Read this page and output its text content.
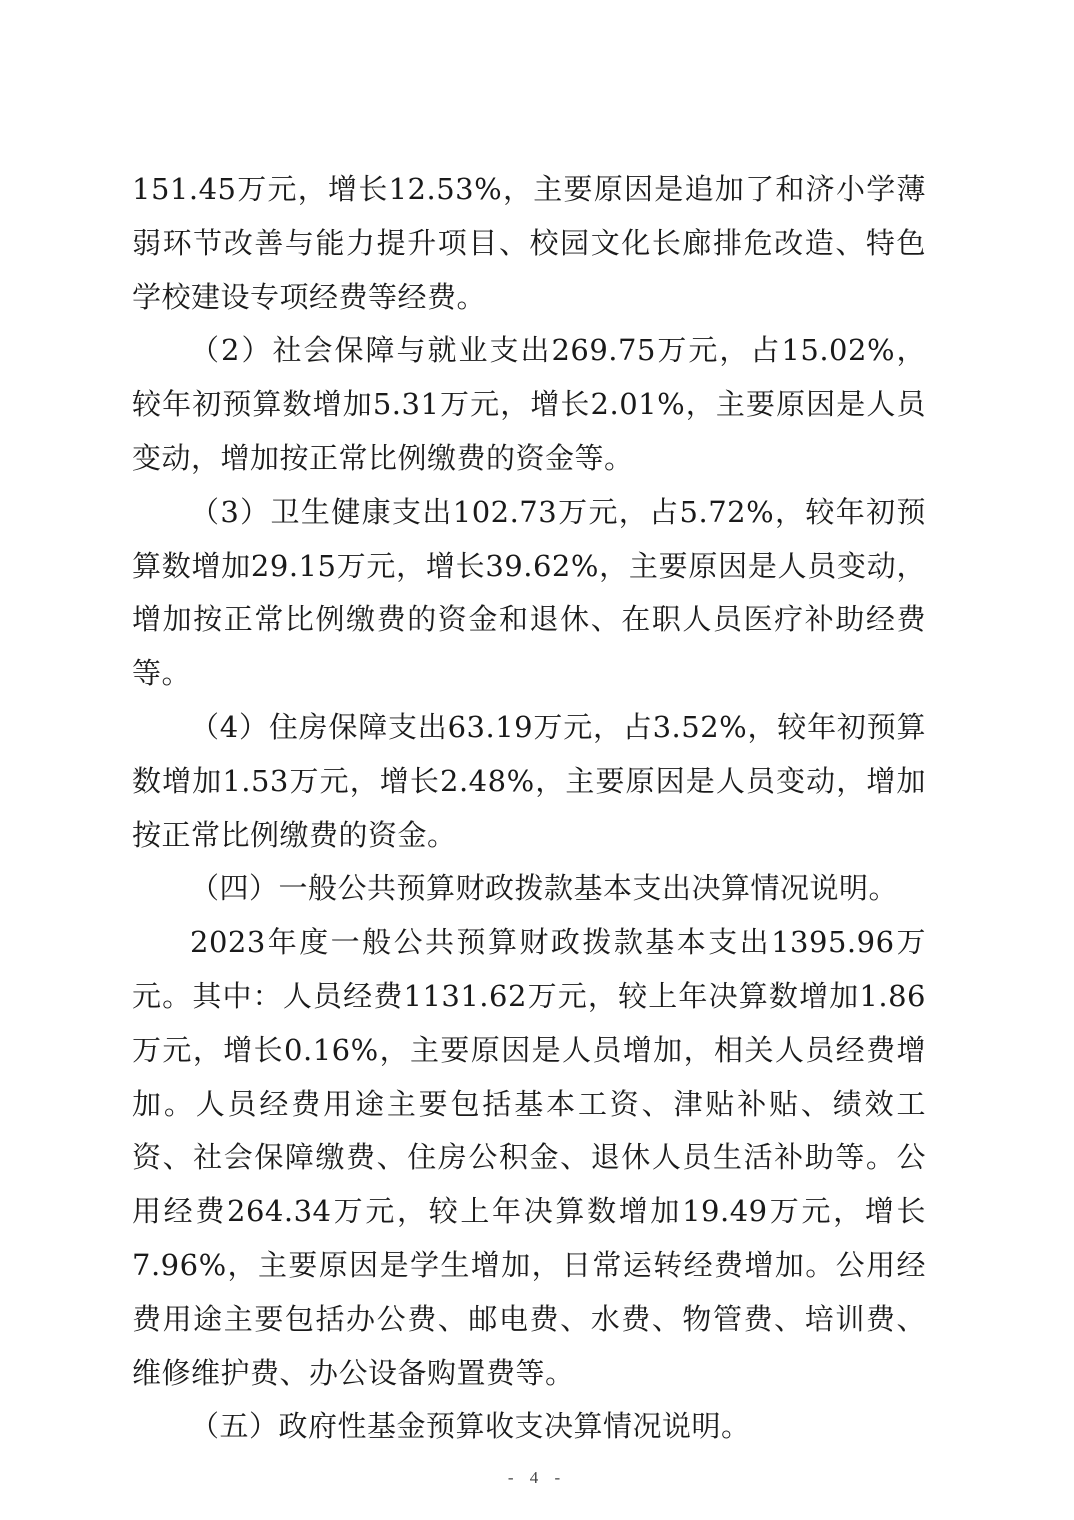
151.45万元，增长12.53%，主要原因是追加了和济小学薄弱环节改善与能力提升项目、校园文化长廊排危改造、特色学校建设专项经费等经费。

（2）社会保障与就业支出269.75万元，占15.02%，较年初预算数增加5.31万元，增长2.01%，主要原因是人员变动，增加按正常比例缴费的资金等。

（3）卫生健康支出102.73万元，占5.72%，较年初预算数增加29.15万元，增长39.62%，主要原因是人员变动，增加按正常比例缴费的资金和退休、在职人员医疗补助经费等。

（4）住房保障支出63.19万元，占3.52%，较年初预算数增加1.53万元，增长2.48%，主要原因是人员变动，增加按正常比例缴费的资金。

（四）一般公共预算财政拨款基本支出决算情况说明。

2023年度一般公共预算财政拨款基本支出1395.96万元。其中：人员经费1131.62万元，较上年决算数增加1.86万元，增长0.16%，主要原因是人员增加，相关人员经费增加。人员经费用途主要包括基本工资、津贴补贴、绩效工资、社会保障缴费、住房公积金、退休人员生活补助等。公用经费264.34万元，较上年决算数增加19.49万元，增长7.96%，主要原因是学生增加，日常运转经费增加。公用经费用途主要包括办公费、邮电费、水费、物管费、培训费、维修维护费、办公设备购置费等。

（五）政府性基金预算收支决算情况说明。

- 4 -
